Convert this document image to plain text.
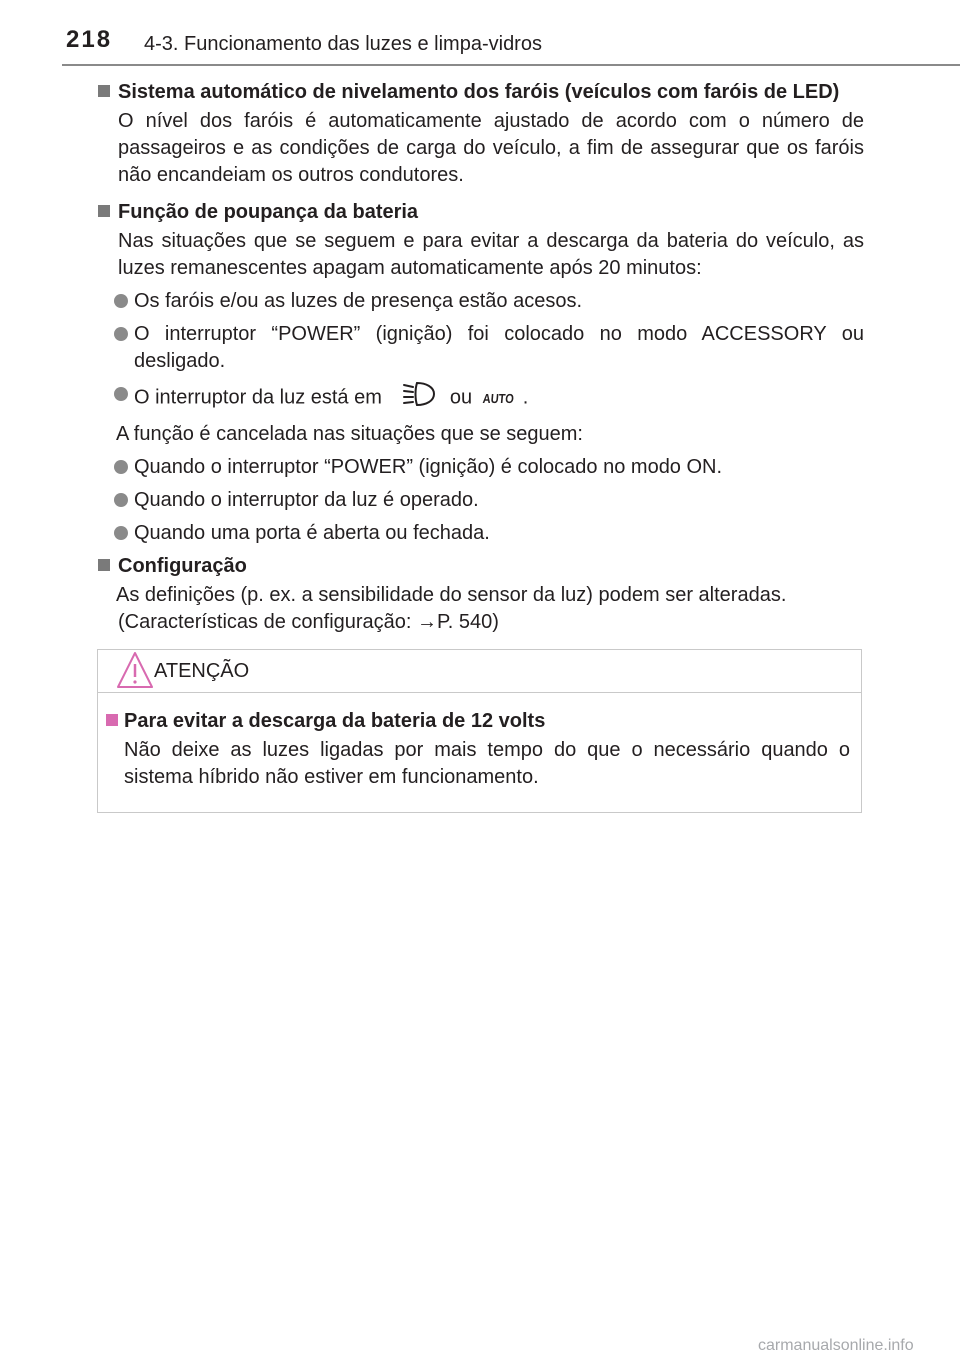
218 4-3. Funcionamento das luzes e limpa-vidros
Sistema automático de nivelamento dos faróis (veículos com faróis de LED)
O nível dos faróis é automaticamente ajustado de acordo com o número de passageiros e as condições de carga do veículo, a fim de assegurar que os faróis não encandeiam os outros condutores.
Função de poupança da bateria
Nas situações que se seguem e para evitar a descarga da bateria do veículo, as luzes remanescentes apagam automaticamente após 20 minutos:
Os faróis e/ou as luzes de presença estão acesos.
O interruptor “POWER” (ignição) foi colocado no modo ACCESSORY ou desligado.
O interruptor da luz está em	ou AUTO .
A função é cancelada nas situações que se seguem:
Quando o interruptor “POWER” (ignição) é colocado no modo ON.
Quando o interruptor da luz é operado.
Quando uma porta é aberta ou fechada.
Configuração
As definições (p. ex. a sensibilidade do sensor da luz) podem ser alteradas.
(Características de configuração: →P. 540)
ATENÇÃO
Para evitar a descarga da bateria de 12 volts
Não deixe as luzes ligadas por mais tempo do que o necessário quando o sistema híbrido não estiver em funcionamento.
carmanualsonline.info
